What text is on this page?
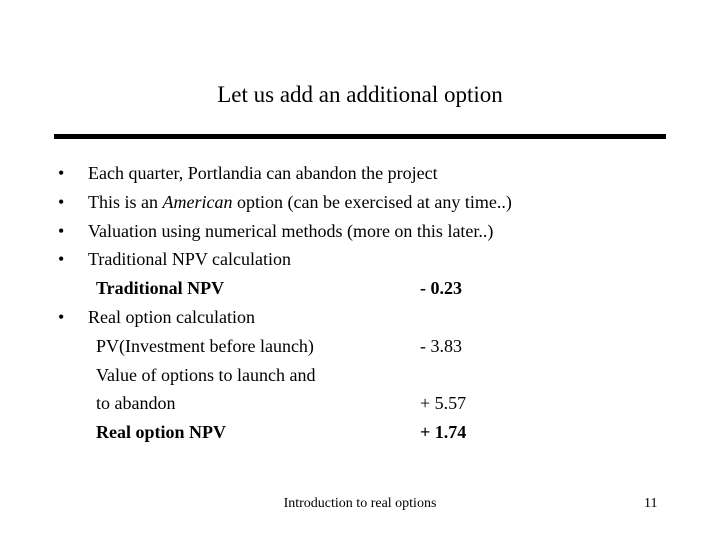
Let us add an additional option
• Each quarter, Portlandia can abandon the project
• This is an American option (can be exercised at any time..)
• Valuation using numerical methods (more on this later..)
• Traditional NPV calculation
Traditional NPV	- 0.23
• Real option calculation
PV(Investment before launch)	- 3.83
Value of options to launch and
to abandon	+ 5.57
Real option NPV	+ 1.74
Introduction to real options	11
